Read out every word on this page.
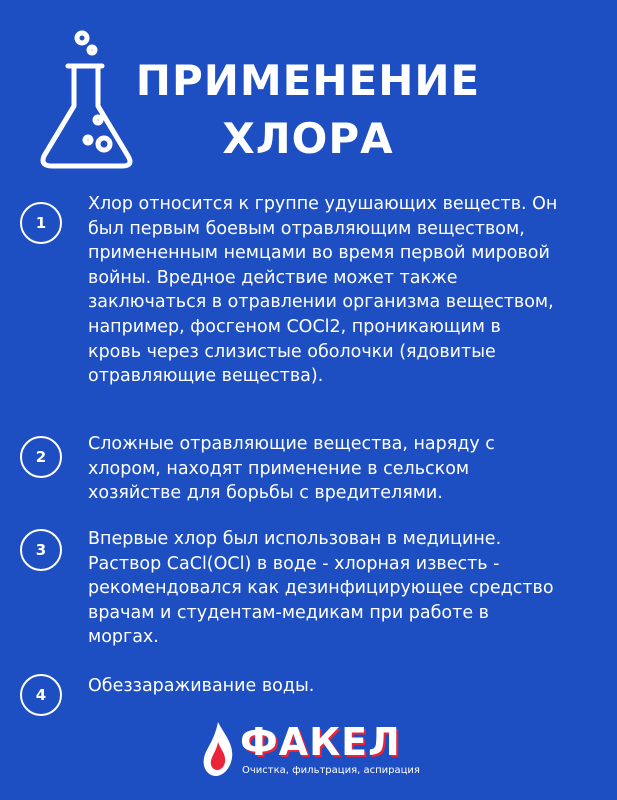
ПРИМЕНЕНИЕ
ХЛОРА
1

Хлор относится к группе удушающих веществ. Он был первым боевым отравляющим веществом, примененным немцами во время первой мировой войны. Вредное действие может также заключаться в отравлении организма веществом, например, фосгеном COCl2, проникающим в кровь через слизистые оболочки (ядовитые отравляющие вещества).

2

Сложные отравляющие вещества, наряду с хлором, находят применение в сельском хозяйстве для борьбы с вредителями.

3

Впервые хлор был использован в медицине. Раствор CaCl(OCl) в воде - хлорная известь - рекомендовался как дезинфицирующее средство врачам и студентам-медикам при работе в моргах.

4	Обеззараживание воды.

ФАКЕЛ
Очистка, фильтрация, аспирация
